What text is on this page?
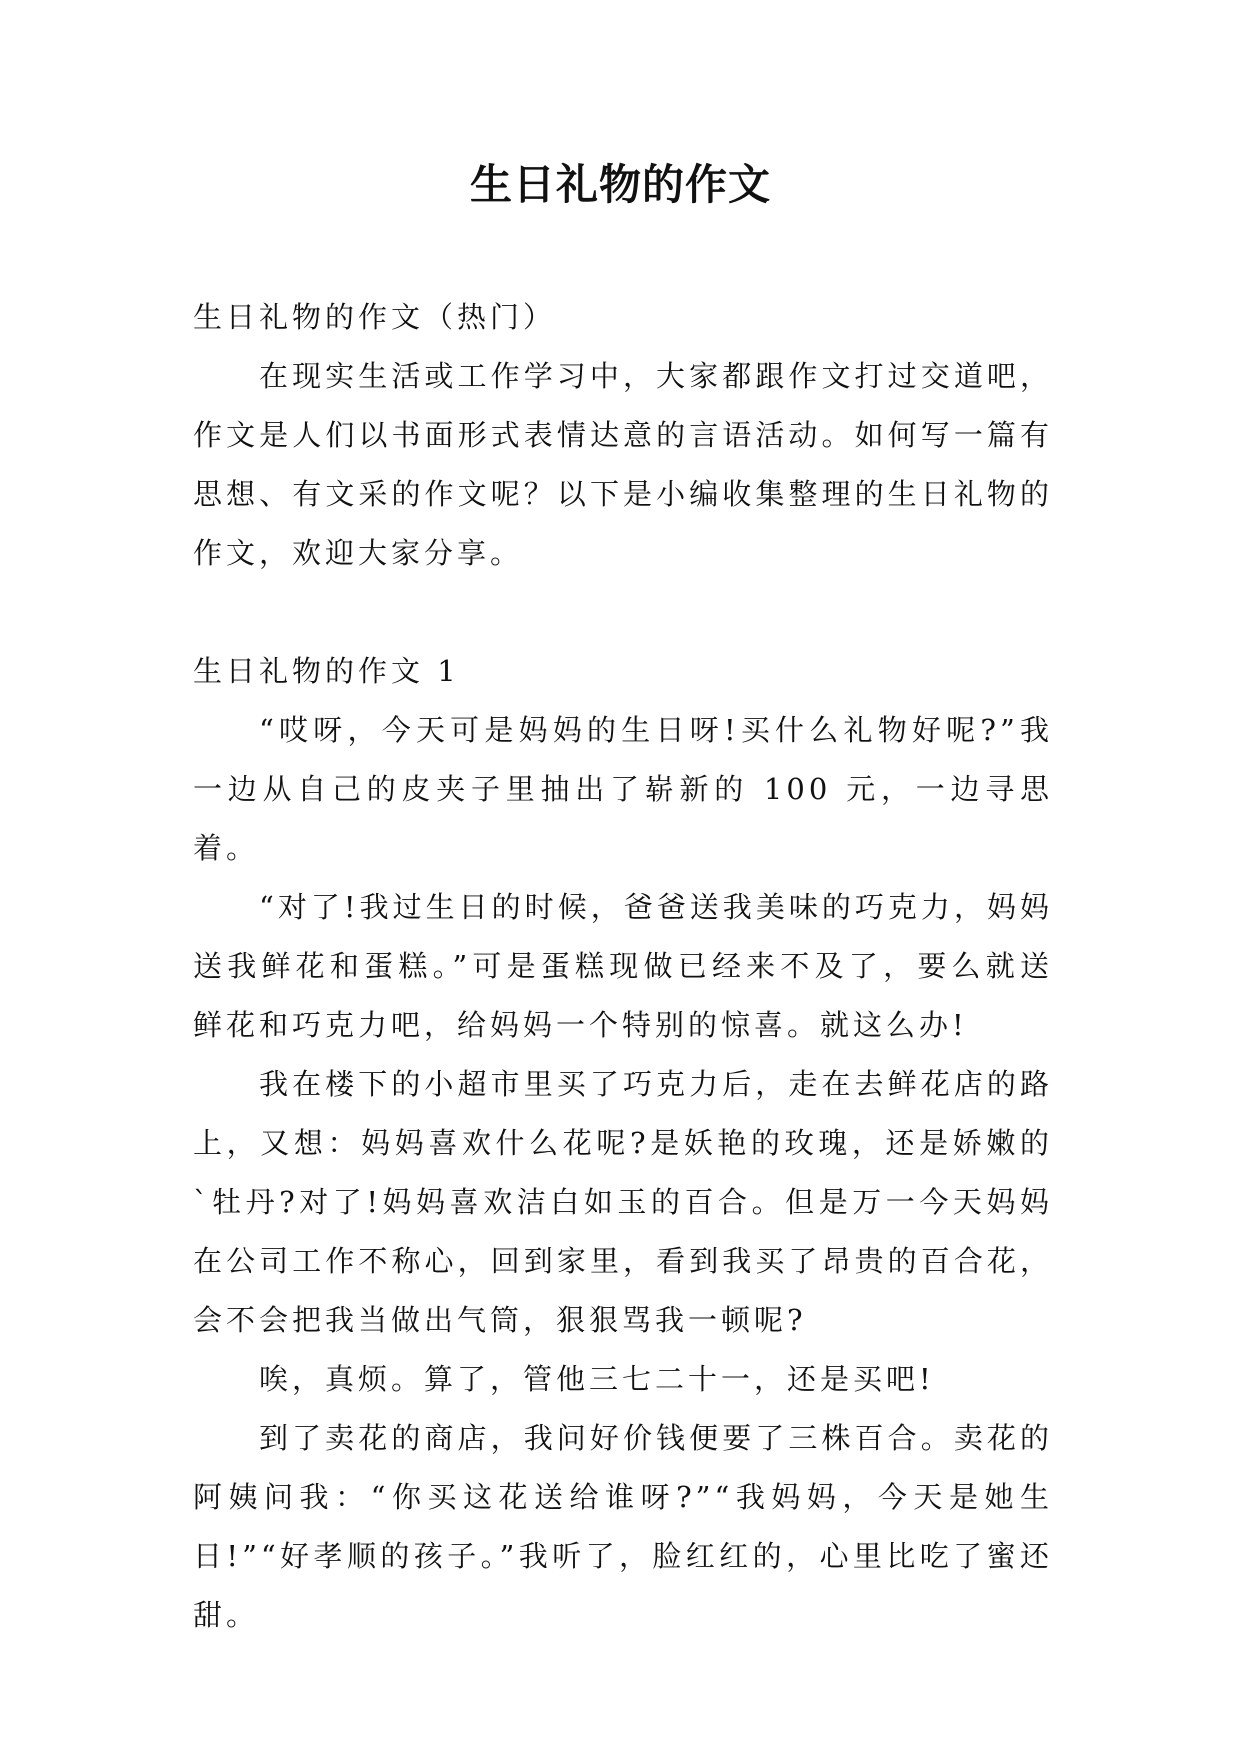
生日礼物的作文

生日礼物的作文（热门）

在现实生活或工作学习中，大家都跟作文打过交道吧，作文是人们以书面形式表情达意的言语活动。如何写一篇有思想、有文采的作文呢？以下是小编收集整理的生日礼物的作文，欢迎大家分享。

生日礼物的作文 1

“哎呀，今天可是妈妈的生日呀!买什么礼物好呢?”我一边从自己的皮夹子里抽出了崭新的 100 元，一边寻思着。

“对了!我过生日的时候，爸爸送我美味的巧克力，妈妈送我鲜花和蛋糕。”可是蛋糕现做已经来不及了，要么就送鲜花和巧克力吧，给妈妈一个特别的惊喜。就这么办!

我在楼下的小超市里买了巧克力后，走在去鲜花店的路上，又想：妈妈喜欢什么花呢?是妖艳的玫瑰，还是娇嫩的`牡丹?对了!妈妈喜欢洁白如玉的百合。但是万一今天妈妈在公司工作不称心，回到家里，看到我买了昂贵的百合花，会不会把我当做出气筒，狠狠骂我一顿呢?

唉，真烦。算了，管他三七二十一，还是买吧!

到了卖花的商店，我问好价钱便要了三株百合。卖花的阿姨问我：“你买这花送给谁呀?”“我妈妈，今天是她生日!”“好孝顺的孩子。”我听了，脸红红的，心里比吃了蜜还甜。
